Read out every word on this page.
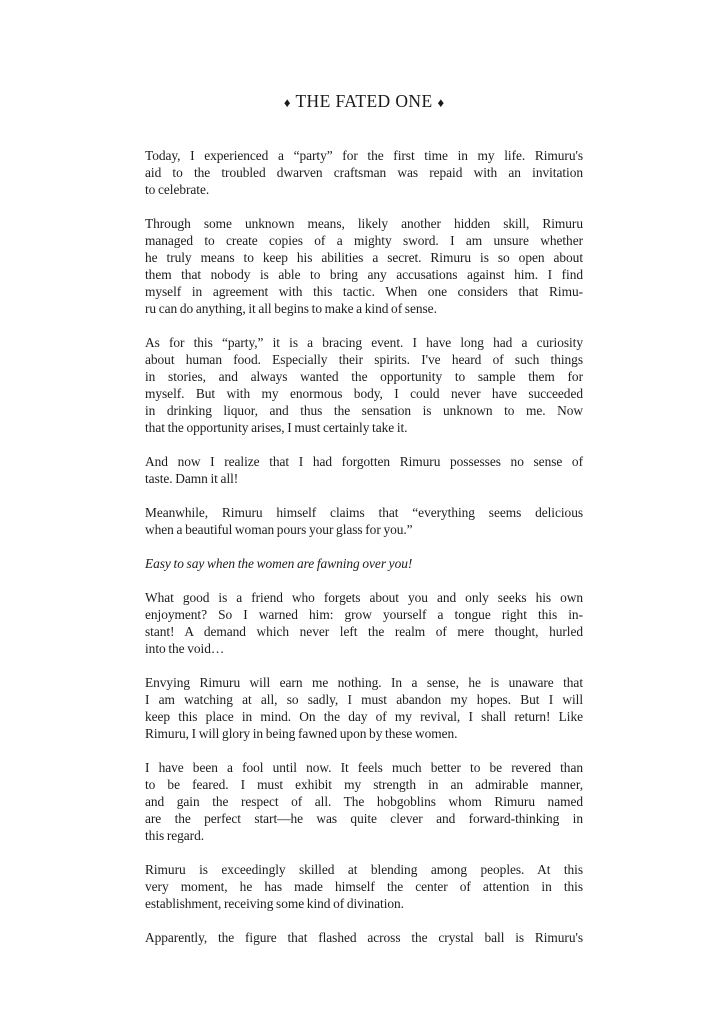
♦ THE FATED ONE ♦

Today, I experienced a “party” for the first time in my life. Rimuru's
aid to the troubled dwarven craftsman was repaid with an invitation
to celebrate.

Through some unknown means, likely another hidden skill, Rimuru
managed to create copies of a mighty sword. I am unsure whether
he truly means to keep his abilities a secret. Rimuru is so open about
them that nobody is able to bring any accusations against him. I find
myself in agreement with this tactic. When one considers that Rimu-
ru can do anything, it all begins to make a kind of sense.

As for this “party,” it is a bracing event. I have long had a curiosity
about human food. Especially their spirits. I've heard of such things
in stories, and always wanted the opportunity to sample them for
myself. But with my enormous body, I could never have succeeded
in drinking liquor, and thus the sensation is unknown to me. Now
that the opportunity arises, I must certainly take it.

And now I realize that I had forgotten Rimuru possesses no sense of
taste. Damn it all!

Meanwhile, Rimuru himself claims that “everything seems delicious
when a beautiful woman pours your glass for you.”

Easy to say when the women are fawning over you!

What good is a friend who forgets about you and only seeks his own
enjoyment? So I warned him: grow yourself a tongue right this in-
stant! A demand which never left the realm of mere thought, hurled
into the void…

Envying Rimuru will earn me nothing. In a sense, he is unaware that
I am watching at all, so sadly, I must abandon my hopes. But I will
keep this place in mind. On the day of my revival, I shall return! Like
Rimuru, I will glory in being fawned upon by these women.

I have been a fool until now. It feels much better to be revered than
to be feared. I must exhibit my strength in an admirable manner,
and gain the respect of all. The hobgoblins whom Rimuru named
are the perfect start—he was quite clever and forward-thinking in
this regard.

Rimuru is exceedingly skilled at blending among peoples. At this
very moment, he has made himself the center of attention in this
establishment, receiving some kind of divination.

Apparently, the figure that flashed across the crystal ball is Rimuru's
